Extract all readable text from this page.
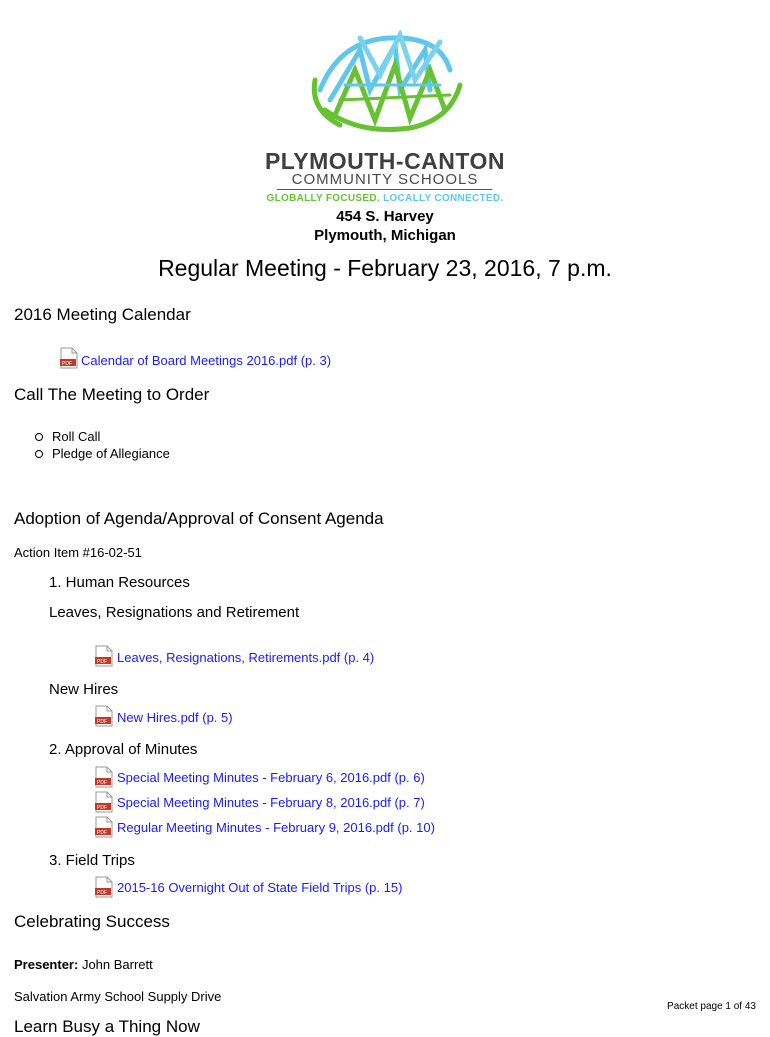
PLYMOUTH-CANTON
COMMUNITY SCHOOLS
GLOBALLY FOCUSED. LOCALLY CONNECTED.
454 S. Harvey
Plymouth, Michigan
Regular Meeting - February 23, 2016, 7 p.m.
2016 Meeting Calendar
PDF Calendar of Board Meetings 2016.pdf (p. 3)
Call The Meeting to Order
Roll Call
Pledge of Allegiance
Adoption of Agenda/Approval of Consent Agenda
Action Item #16-02-51
1. Human Resources
Leaves, Resignations and Retirement
PDF Leaves, Resignations, Retirements.pdf (p. 4)
New Hires
PDF New Hires.pdf (p. 5)
2. Approval of Minutes
PDF Special Meeting Minutes - February 6, 2016.pdf (p. 6)
PDF Special Meeting Minutes - February 8, 2016.pdf (p. 7)
PDF Regular Meeting Minutes - February 9, 2016.pdf (p. 10)
3. Field Trips
PDF 2015-16 Overnight Out of State Field Trips (p. 15)
Celebrating Success
Presenter: John Barrett
Salvation Army School Supply Drive
Packet page 1 of 43
Learn Busy a Thing Now
